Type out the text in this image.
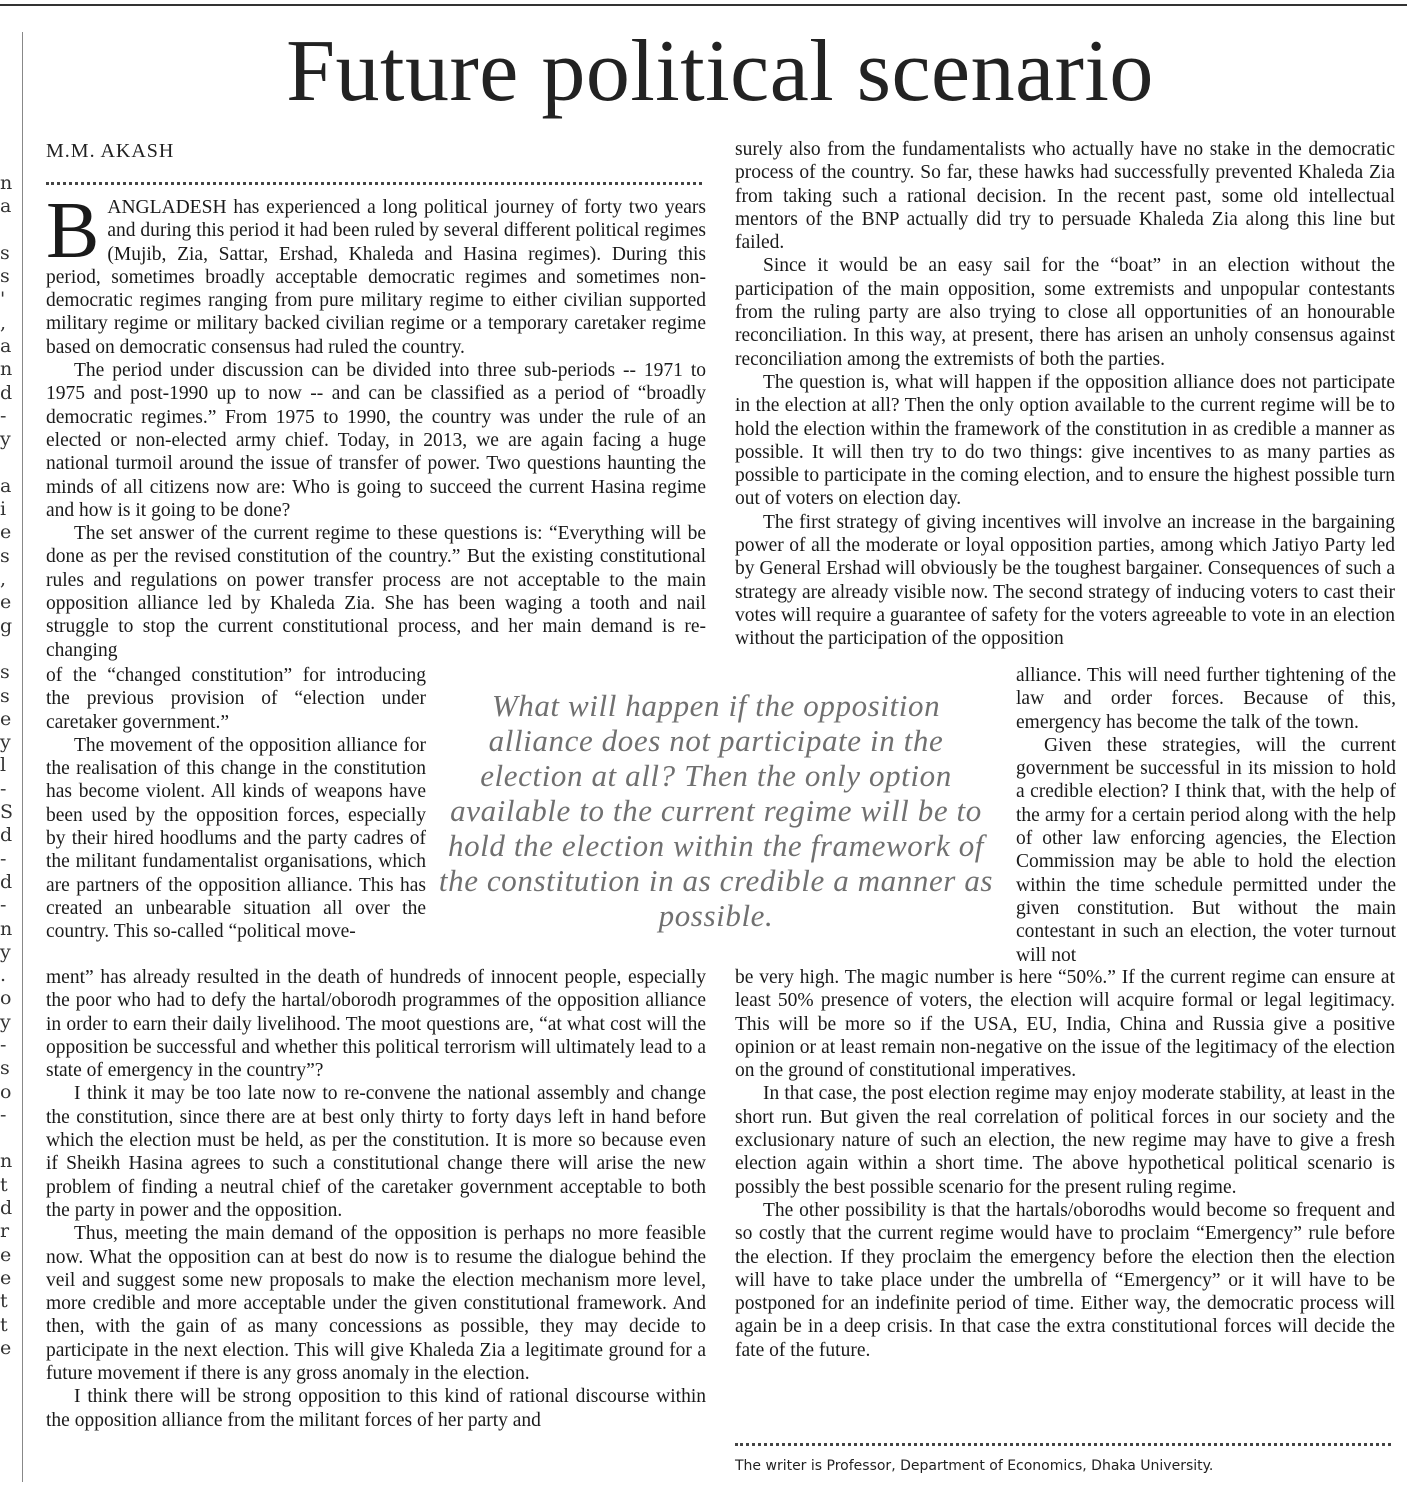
n
a

s
s
'
,
a
n
d
-
y

a
i
e
s
,
e
g

s
s
e
y
l
-
S
d
-
d
-
n
y
.
o
y
-
s
o
-

n
t
d
r
e
e
t
t
e
Future political scenario
M.M. AKASH

BANGLADESH has experienced a long political journey of forty two years and during this period it had been ruled by several different political regimes (Mujib, Zia, Sattar, Ershad, Khaleda and Hasina regimes). During this period, sometimes broadly acceptable democratic regimes and sometimes non-democratic regimes ranging from pure military regime to either civilian supported military regime or military backed civilian regime or a temporary caretaker regime based on democratic consensus had ruled the country.

The period under discussion can be divided into three sub-periods -- 1971 to 1975 and post-1990 up to now -- and can be classified as a period of “broadly democratic regimes.” From 1975 to 1990, the country was under the rule of an elected or non-elected army chief. Today, in 2013, we are again facing a huge national turmoil around the issue of transfer of power. Two questions haunting the minds of all citizens now are: Who is going to succeed the current Hasina regime and how is it going to be done?

The set answer of the current regime to these questions is: “Everything will be done as per the revised constitution of the country.” But the existing constitutional rules and regulations on power transfer process are not acceptable to the main opposition alliance led by Khaleda Zia. She has been waging a tooth and nail struggle to stop the current constitutional process, and her main demand is re-changing

of the “changed constitution” for introducing the previous provision of “election under caretaker government.”

The movement of the opposition alliance for the realisation of this change in the constitution has become violent. All kinds of weapons have been used by the opposition forces, especially by their hired hoodlums and the party cadres of the militant fundamentalist organisations, which are partners of the opposition alliance. This has created an unbearable situation all over the country. This so-called “political move-

ment” has already resulted in the death of hundreds of innocent people, especially the poor who had to defy the hartal/oborodh programmes of the opposition alliance in order to earn their daily livelihood. The moot questions are, “at what cost will the opposition be successful and whether this political terrorism will ultimately lead to a state of emergency in the country”?

I think it may be too late now to re-convene the national assembly and change the constitution, since there are at best only thirty to forty days left in hand before which the election must be held, as per the constitution. It is more so because even if Sheikh Hasina agrees to such a constitutional change there will arise the new problem of finding a neutral chief of the caretaker government acceptable to both the party in power and the opposition.

Thus, meeting the main demand of the opposition is perhaps no more feasible now. What the opposition can at best do now is to resume the dialogue behind the veil and suggest some new proposals to make the election mechanism more level, more credible and more acceptable under the given constitutional framework. And then, with the gain of as many concessions as possible, they may decide to participate in the next election. This will give Khaleda Zia a legitimate ground for a future movement if there is any gross anomaly in the election.

I think there will be strong opposition to this kind of rational discourse within the opposition alliance from the militant forces of her party and

What will happen if the opposition alliance does not participate in the election at all? Then the only option available to the current regime will be to hold the election within the framework of the constitution in as credible a manner as possible.

surely also from the fundamentalists who actually have no stake in the democratic process of the country. So far, these hawks had successfully prevented Khaleda Zia from taking such a rational decision. In the recent past, some old intellectual mentors of the BNP actually did try to persuade Khaleda Zia along this line but failed.

Since it would be an easy sail for the “boat” in an election without the participation of the main opposition, some extremists and unpopular contestants from the ruling party are also trying to close all opportunities of an honourable reconciliation. In this way, at present, there has arisen an unholy consensus against reconciliation among the extremists of both the parties.

The question is, what will happen if the opposition alliance does not participate in the election at all? Then the only option available to the current regime will be to hold the election within the framework of the constitution in as credible a manner as possible. It will then try to do two things: give incentives to as many parties as possible to participate in the coming election, and to ensure the highest possible turn out of voters on election day.

The first strategy of giving incentives will involve an increase in the bargaining power of all the moderate or loyal opposition parties, among which Jatiyo Party led by General Ershad will obviously be the toughest bargainer. Consequences of such a strategy are already visible now. The second strategy of inducing voters to cast their votes will require a guarantee of safety for the voters agreeable to vote in an election without the participation of the opposition

alliance. This will need further tightening of the law and order forces. Because of this, emergency has become the talk of the town.

Given these strategies, will the current government be successful in its mission to hold a credible election? I think that, with the help of the army for a certain period along with the help of other law enforcing agencies, the Election Commission may be able to hold the election within the time schedule permitted under the given constitution. But without the main contestant in such an election, the voter turnout will not

be very high. The magic number is here “50%.” If the current regime can ensure at least 50% presence of voters, the election will acquire formal or legal legitimacy. This will be more so if the USA, EU, India, China and Russia give a positive opinion or at least remain non-negative on the issue of the legitimacy of the election on the ground of constitutional imperatives.

In that case, the post election regime may enjoy moderate stability, at least in the short run. But given the real correlation of political forces in our society and the exclusionary nature of such an election, the new regime may have to give a fresh election again within a short time. The above hypothetical political scenario is possibly the best possible scenario for the present ruling regime.

The other possibility is that the hartals/oborodhs would become so frequent and so costly that the current regime would have to proclaim “Emergency” rule before the election. If they proclaim the emergency before the election then the election will have to take place under the umbrella of “Emergency” or it will have to be postponed for an indefinite period of time. Either way, the democratic process will again be in a deep crisis. In that case the extra constitutional forces will decide the fate of the future.

The writer is Professor, Department of Economics, Dhaka University.
